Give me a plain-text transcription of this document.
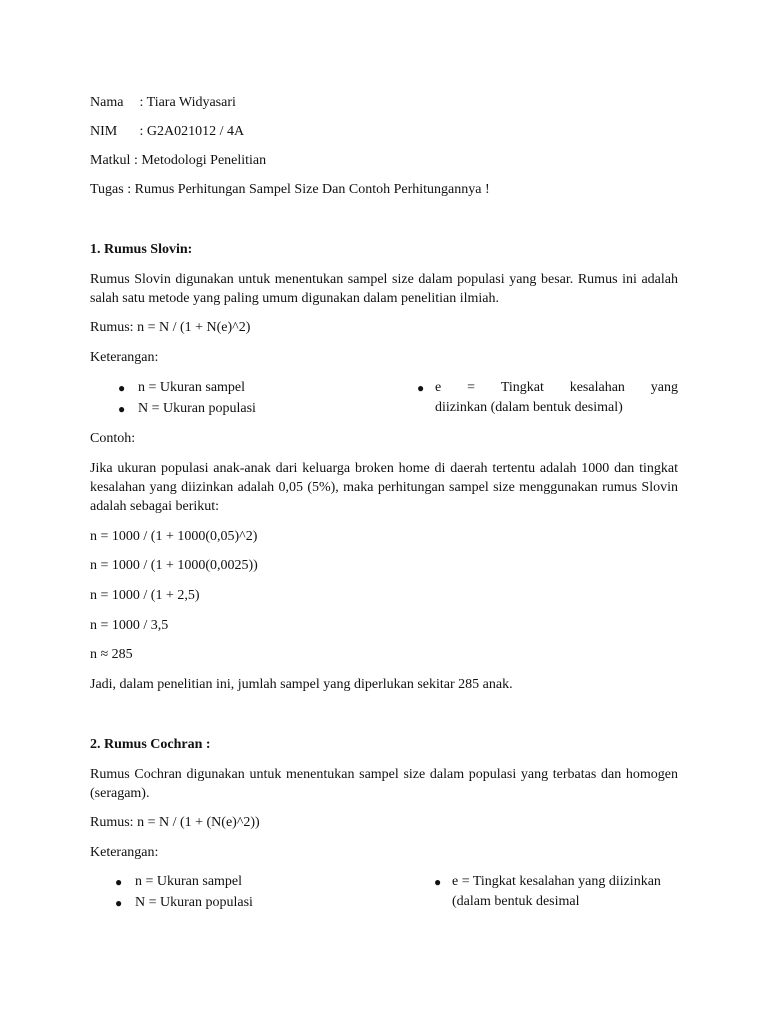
Nama : Tiara Widyasari
NIM : G2A021012 / 4A
Matkul : Metodologi Penelitian
Tugas : Rumus Perhitungan Sampel Size Dan Contoh Perhitungannya !
1. Rumus Slovin:
Rumus Slovin digunakan untuk menentukan sampel size dalam populasi yang besar. Rumus ini adalah salah satu metode yang paling umum digunakan dalam penelitian ilmiah.
Rumus: n = N / (1 + N(e)^2)
Keterangan:
● n = Ukuran sampel
● N = Ukuran populasi
● e = Tingkat kesalahan yang
diizinkan (dalam bentuk desimal)
Contoh:
Jika ukuran populasi anak-anak dari keluarga broken home di daerah tertentu adalah 1000 dan tingkat kesalahan yang diizinkan adalah 0,05 (5%), maka perhitungan sampel size menggunakan rumus Slovin adalah sebagai berikut:
n = 1000 / (1 + 1000(0,05)^2)
n = 1000 / (1 + 1000(0,0025))
n = 1000 / (1 + 2,5)
n = 1000 / 3,5
n ≈ 285
Jadi, dalam penelitian ini, jumlah sampel yang diperlukan sekitar 285 anak.
2. Rumus Cochran :
Rumus Cochran digunakan untuk menentukan sampel size dalam populasi yang terbatas dan homogen (seragam).
Rumus: n = N / (1 + (N(e)^2))
Keterangan:
● n = Ukuran sampel
● N = Ukuran populasi
● e = Tingkat kesalahan yang diizinkan
(dalam bentuk desimal
